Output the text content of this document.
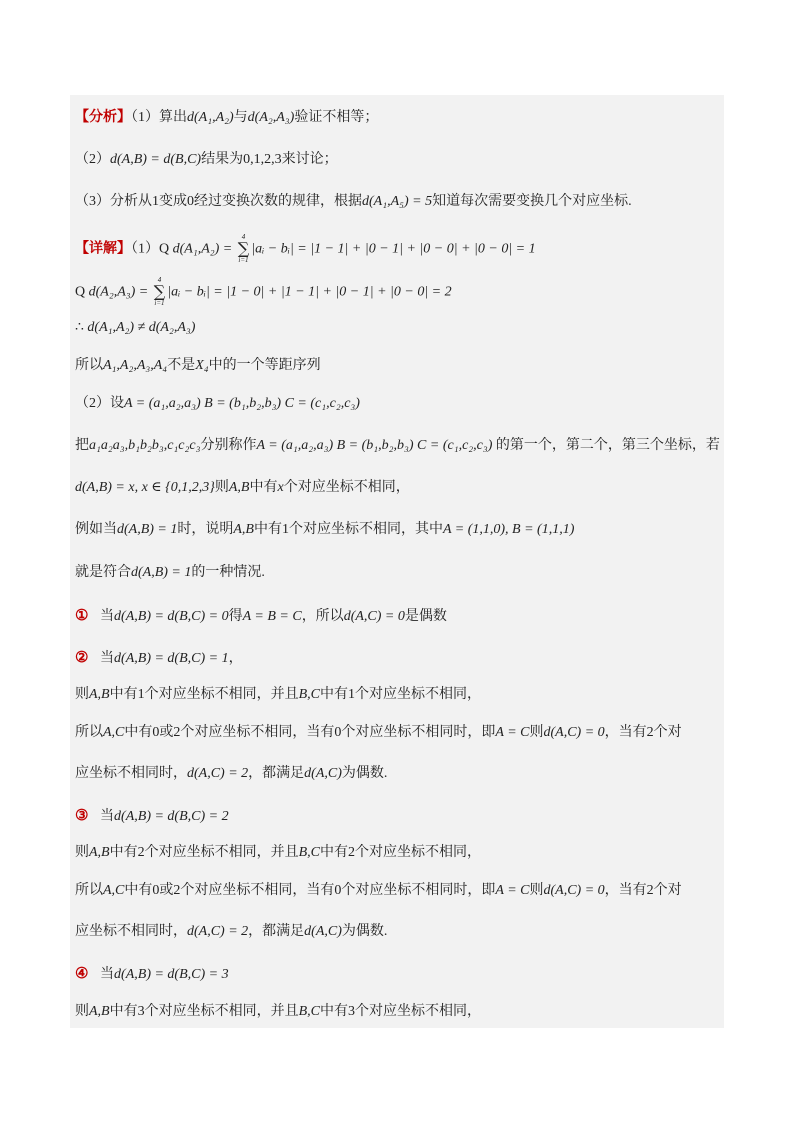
【分析】（1）算出d(A₁,A₂)与d(A₂,A₃)验证不相等；
（2）d(A,B) = d(B,C)结果为0,1,2,3来讨论；
（3）分析从1变成0经过变换次数的规律，根据d(A₁,A₅) = 5知道每次需要变换几个对应坐标.
【详解】（1）Q d(A₁,A₂) =
4
∑
i=1
|aᵢ − bᵢ| = |1 − 1| + |0 − 1| + |0 − 0| + |0 − 0| = 1
Q d(A₂,A₃) =
4
∑
i=1
|aᵢ − bᵢ| = |1 − 0| + |1 − 1| + |0 − 1| + |0 − 0| = 2
∴ d(A₁,A₂) ≠ d(A₂,A₃)
所以A₁,A₂,A₃,A₄不是X₄中的一个等距序列
（2）设A = (a₁,a₂,a₃) B = (b₁,b₂,b₃) C = (c₁,c₂,c₃)
把a₁a₂a₃,b₁b₂b₃,c₁c₂c₃分别称作A = (a₁,a₂,a₃) B = (b₁,b₂,b₃) C = (c₁,c₂,c₃) 的第一个，第二个，第三个坐标，若
d(A,B) = x, x ∈ {0,1,2,3}则A,B中有x个对应坐标不相同，
例如当d(A,B) = 1时，说明A,B中有1个对应坐标不相同，其中A = (1,1,0), B = (1,1,1)
就是符合d(A,B) = 1的一种情况.
① 当d(A,B) = d(B,C) = 0得A = B = C，所以d(A,C) = 0是偶数
② 当d(A,B) = d(B,C) = 1，
则A,B中有1个对应坐标不相同，并且B,C中有1个对应坐标不相同，
所以A,C中有0或2个对应坐标不相同，当有0个对应坐标不相同时，即A = C则d(A,C) = 0，当有2个对
应坐标不相同时，d(A,C) = 2，都满足d(A,C)为偶数.
③ 当d(A,B) = d(B,C) = 2
则A,B中有2个对应坐标不相同，并且B,C中有2个对应坐标不相同，
所以A,C中有0或2个对应坐标不相同，当有0个对应坐标不相同时，即A = C则d(A,C) = 0，当有2个对
应坐标不相同时，d(A,C) = 2，都满足d(A,C)为偶数.
④ 当d(A,B) = d(B,C) = 3
则A,B中有3个对应坐标不相同，并且B,C中有3个对应坐标不相同，
